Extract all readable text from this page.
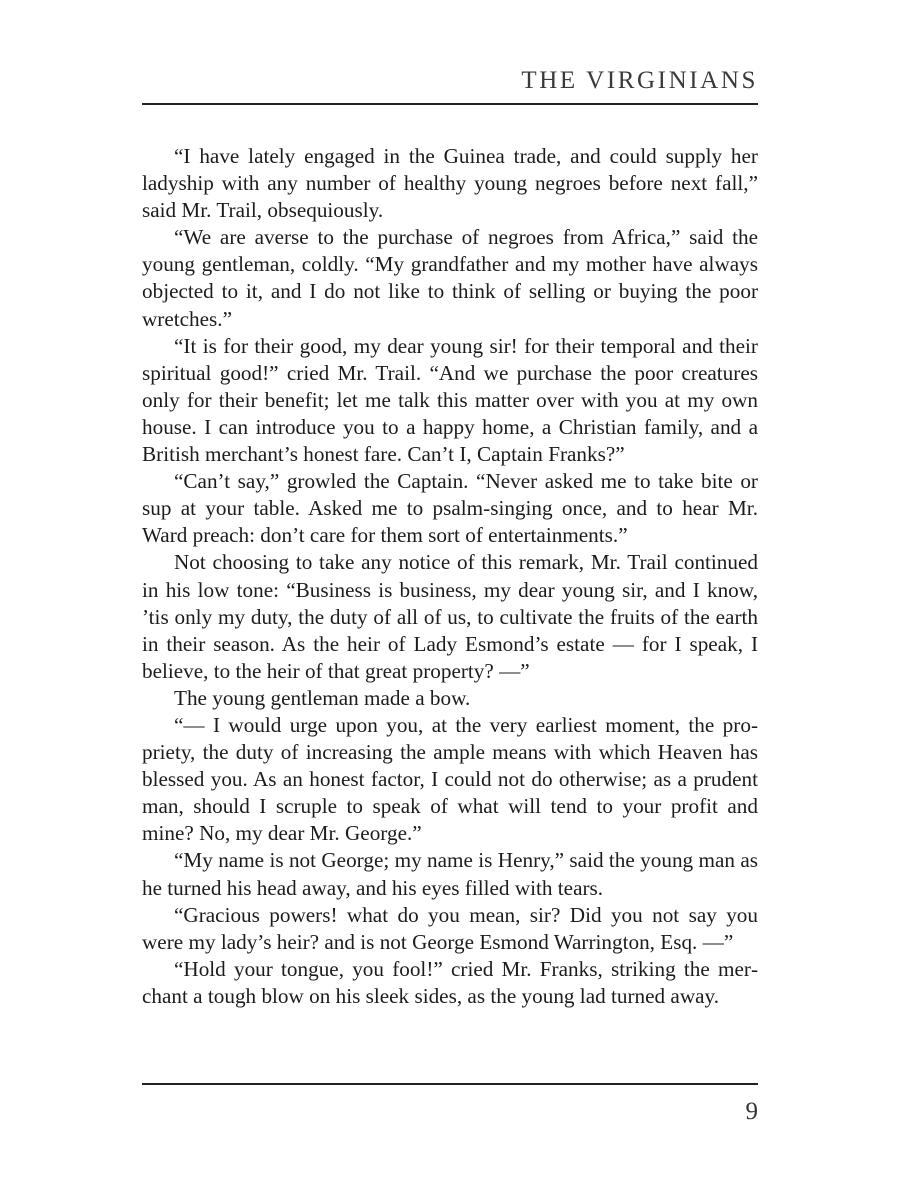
THE VIRGINIANS

“I have lately engaged in the Guinea trade, and could supply her ladyship with any number of healthy young negroes before next fall,” said Mr. Trail, obsequiously.

“We are averse to the purchase of negroes from Africa,” said the young gentleman, coldly. “My grandfather and my mother have always objected to it, and I do not like to think of selling or buying the poor wretches.”

“It is for their good, my dear young sir! for their temporal and their spiritual good!” cried Mr. Trail. “And we purchase the poor creatures only for their benefit; let me talk this matter over with you at my own house. I can introduce you to a happy home, a Christian family, and a British merchant’s honest fare. Can’t I, Captain Franks?”

“Can’t say,” growled the Captain. “Never asked me to take bite or sup at your table. Asked me to psalm-singing once, and to hear Mr. Ward preach: don’t care for them sort of entertainments.”

Not choosing to take any notice of this remark, Mr. Trail continued in his low tone: “Business is business, my dear young sir, and I know, ’tis only my duty, the duty of all of us, to cultivate the fruits of the earth in their season. As the heir of Lady Esmond’s estate — for I speak, I believe, to the heir of that great property? —”

The young gentleman made a bow.

“— I would urge upon you, at the very earliest moment, the propriety, the duty of increasing the ample means with which Heaven has blessed you. As an honest factor, I could not do otherwise; as a prudent man, should I scruple to speak of what will tend to your profit and mine? No, my dear Mr. George.”

“My name is not George; my name is Henry,” said the young man as he turned his head away, and his eyes filled with tears.

“Gracious powers! what do you mean, sir? Did you not say you were my lady’s heir? and is not George Esmond Warrington, Esq. —”

“Hold your tongue, you fool!” cried Mr. Franks, striking the merchant a tough blow on his sleek sides, as the young lad turned away.

9
